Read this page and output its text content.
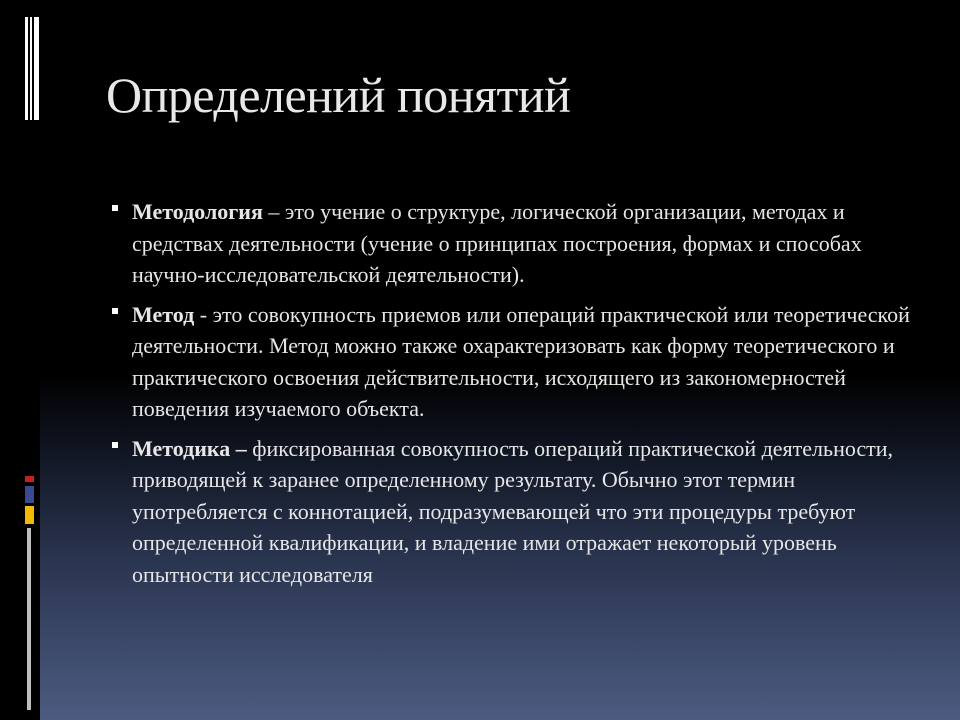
Определений понятий
Методология – это учение о структуре, логической организации, методах и средствах деятельности (учение о принципах построения, формах и способах научно-исследовательской деятельности).
Метод - это совокупность приемов или операций практической или теоретической деятельности. Метод можно также охарактеризовать как форму теоретического и практического освоения действительности, исходящего из закономерностей поведения изучаемого объекта.
Методика – фиксированная совокупность операций практической деятельности, приводящей к заранее определенному результату. Обычно этот термин употребляется с коннотацией, подразумевающей что эти процедуры требуют определенной квалификации, и владение ими отражает некоторый уровень опытности исследователя
